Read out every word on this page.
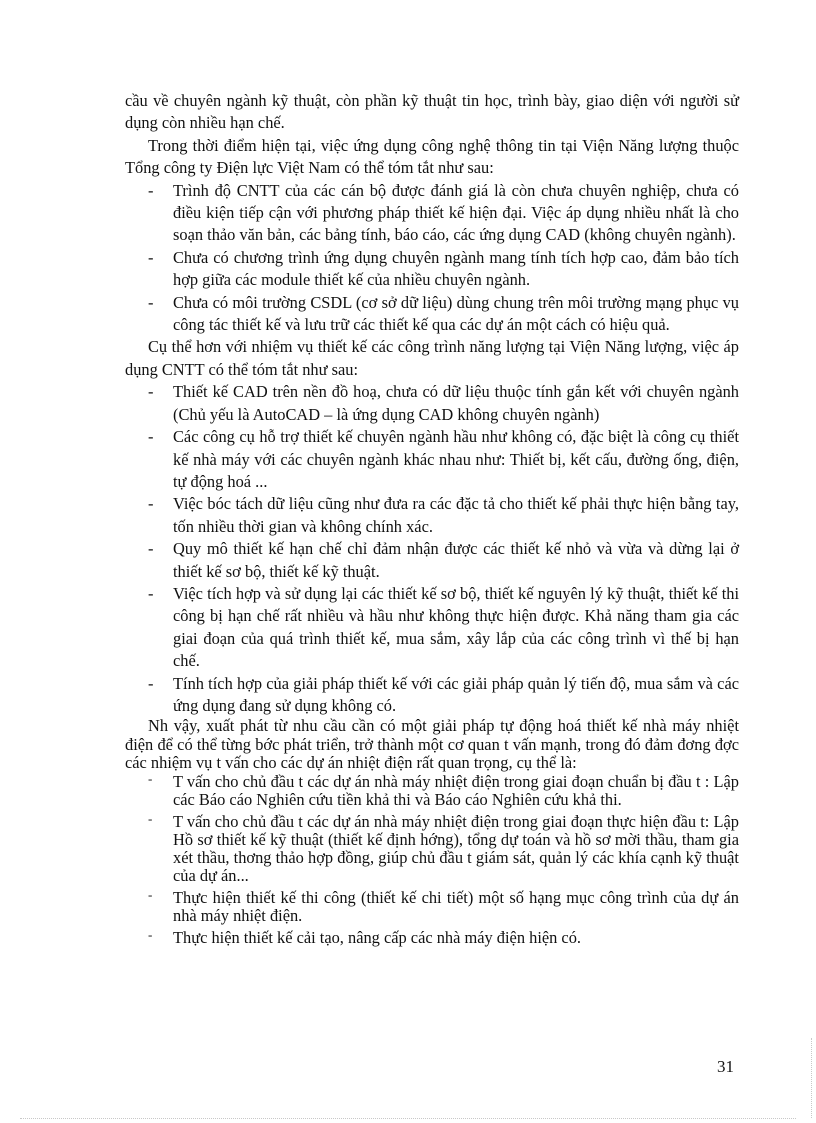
cầu về chuyên ngành kỹ thuật, còn phần kỹ thuật tin học, trình bày, giao diện với người sử dụng còn nhiều hạn chế.

Trong thời điểm hiện tại, việc ứng dụng công nghệ thông tin tại Viện Năng lượng thuộc Tổng công ty Điện lực Việt Nam có thể tóm tắt như sau:

- Trình độ CNTT của các cán bộ được đánh giá là còn chưa chuyên nghiệp, chưa có điều kiện tiếp cận với phương pháp thiết kế hiện đại. Việc áp dụng nhiều nhất là cho soạn thảo văn bản, các bảng tính, báo cáo, các ứng dụng CAD (không chuyên ngành).
- Chưa có chương trình ứng dụng chuyên ngành mang tính tích hợp cao, đảm bảo tích hợp giữa các module thiết kế của nhiều chuyên ngành.
- Chưa có môi trường CSDL (cơ sở dữ liệu) dùng chung trên môi trường mạng phục vụ công tác thiết kế và lưu trữ các thiết kế qua các dự án một cách có hiệu quả.

Cụ thể hơn với nhiệm vụ thiết kế các công trình năng lượng tại Viện Năng lượng, việc áp dụng CNTT có thể tóm tắt như sau:

- Thiết kế CAD trên nền đồ hoạ, chưa có dữ liệu thuộc tính gắn kết với chuyên ngành (Chủ yếu là AutoCAD – là ứng dụng CAD không chuyên ngành)
- Các công cụ hỗ trợ thiết kế chuyên ngành hầu như không có, đặc biệt là công cụ thiết kế nhà máy với các chuyên ngành khác nhau như: Thiết bị, kết cấu, đường ống, điện, tự động hoá ...
- Việc bóc tách dữ liệu cũng như đưa ra các đặc tả cho thiết kế phải thực hiện bằng tay, tốn nhiều thời gian và không chính xác.
- Quy mô thiết kế hạn chế chỉ đảm nhận được các thiết kế nhỏ và vừa và dừng lại ở thiết kế sơ bộ, thiết kế kỹ thuật.
- Việc tích hợp và sử dụng lại các thiết kế sơ bộ, thiết kế nguyên lý kỹ thuật, thiết kế thi công bị hạn chế rất nhiều và hầu như không thực hiện được. Khả năng tham gia các giai đoạn của quá trình thiết kế, mua sắm, xây lắp của các công trình vì thế bị hạn chế.
- Tính tích hợp của giải pháp thiết kế với các giải pháp quản lý tiến độ, mua sắm và các ứng dụng đang sử dụng không có.

Nh vậy, xuất phát từ nhu cầu cần có một giải pháp tự động hoá thiết kế nhà máy nhiệt điện để có thể từng bớc phát triển, trở thành một cơ quan t vấn mạnh, trong đó đảm đơng đợc các nhiệm vụ t vấn cho các dự án nhiệt điện rất quan trọng, cụ thể là:

- T vấn cho chủ đầu t các dự án nhà máy nhiệt điện trong giai đoạn chuẩn bị đầu t : Lập các Báo cáo Nghiên cứu tiền khả thi và Báo cáo Nghiên cứu khả thi.
- T vấn cho chủ đầu t các dự án nhà máy nhiệt điện trong giai đoạn thực hiện đầu t: Lập Hồ sơ thiết kế kỹ thuật (thiết kế định hớng), tổng dự toán và hồ sơ mời thầu, tham gia xét thầu, thơng thảo hợp đồng, giúp chủ đầu t giám sát, quản lý các khía cạnh kỹ thuật của dự án...
- Thực hiện thiết kế thi công (thiết kế chi tiết) một số hạng mục công trình của dự án nhà máy nhiệt điện.
- Thực hiện thiết kế cải tạo, nâng cấp các nhà máy điện hiện có.
31
